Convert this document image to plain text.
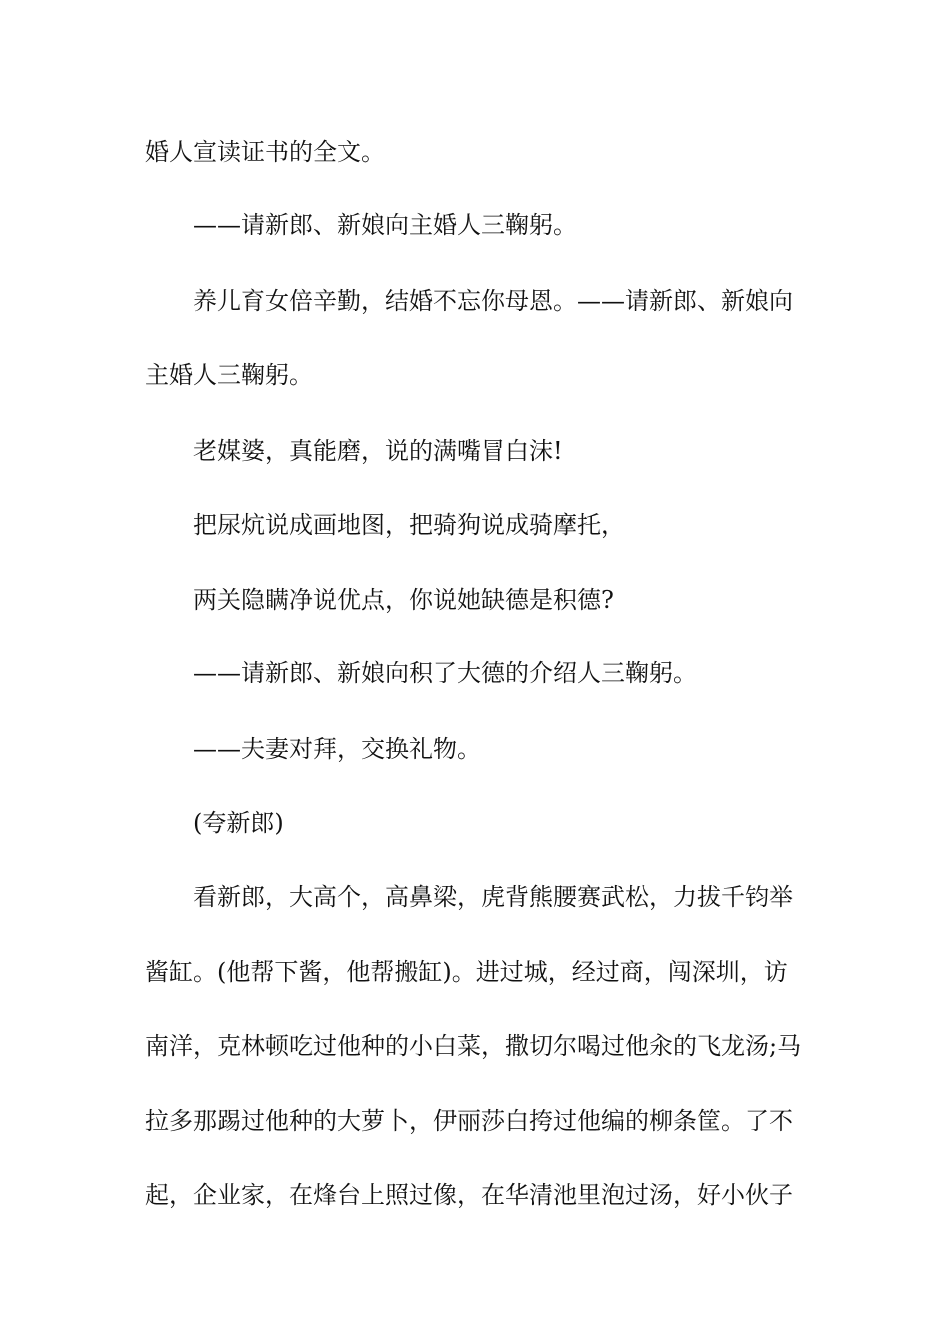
婚人宣读证书的全文。

——请新郎、新娘向主婚人三鞠躬。

养儿育女倍辛勤，结婚不忘你母恩。——请新郎、新娘向

主婚人三鞠躬。

老媒婆，真能磨，说的满嘴冒白沫!

把尿炕说成画地图，把骑狗说成骑摩托，

两关隐瞒净说优点，你说她缺德是积德?

——请新郎、新娘向积了大德的介绍人三鞠躬。

——夫妻对拜，交换礼物。

(夸新郎)

看新郎，大高个，高鼻梁，虎背熊腰赛武松，力拔千钧举

酱缸。(他帮下酱，他帮搬缸)。进过城，经过商，闯深圳，访

南洋，克林顿吃过他种的小白菜，撒切尔喝过他汆的飞龙汤;马

拉多那踢过他种的大萝卜，伊丽莎白挎过他编的柳条筐。了不

起，企业家，在烽台上照过像，在华清池里泡过汤，好小伙子
